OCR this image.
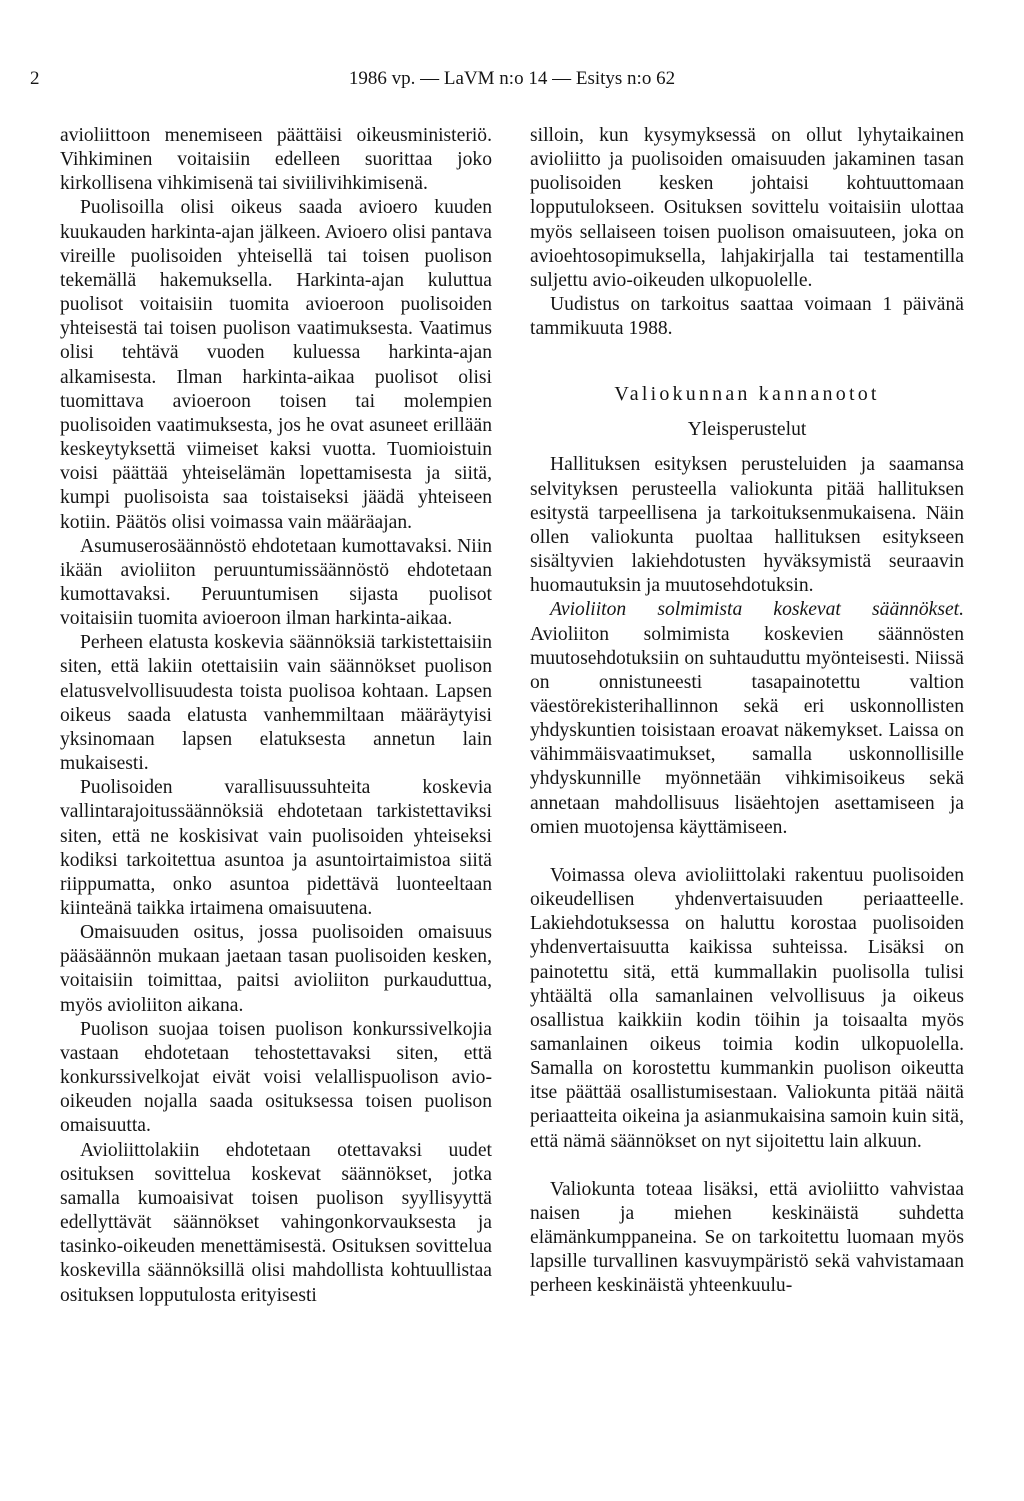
2	1986 vp. — LaVM n:o 14 — Esitys n:o 62

avioliittoon menemiseen päättäisi oikeusministeriö. Vihkiminen voitaisiin edelleen suorittaa joko kirkollisena vihkimisenä tai siviilivihkimisenä.

Puolisoilla olisi oikeus saada avioero kuuden kuukauden harkinta-ajan jälkeen. Avioero olisi pantava vireille puolisoiden yhteisellä tai toisen puolison tekemällä hakemuksella. Harkinta-ajan kuluttua puolisot voitaisiin tuomita avioeroon puolisoiden yhteisestä tai toisen puolison vaatimuksesta. Vaatimus olisi tehtävä vuoden kuluessa harkinta-ajan alkamisesta. Ilman harkinta-aikaa puolisot olisi tuomittava avioeroon toisen tai molempien puolisoiden vaatimuksesta, jos he ovat asuneet erillään keskeytyksettä viimeiset kaksi vuotta. Tuomioistuin voisi päättää yhteiselämän lopettamisesta ja siitä, kumpi puolisoista saa toistaiseksi jäädä yhteiseen kotiin. Päätös olisi voimassa vain määräajan.

Asumuserosäännöstö ehdotetaan kumottavaksi. Niin ikään avioliiton peruuntumissäännöstö ehdotetaan kumottavaksi. Peruuntumisen sijasta puolisot voitaisiin tuomita avioeroon ilman harkinta-aikaa.

Perheen elatusta koskevia säännöksiä tarkistettaisiin siten, että lakiin otettaisiin vain säännökset puolison elatusvelvollisuudesta toista puolisoa kohtaan. Lapsen oikeus saada elatusta vanhemmiltaan määräytyisi yksinomaan lapsen elatuksesta annetun lain mukaisesti.

Puolisoiden varallisuussuhteita koskevia vallintarajoitussäännöksiä ehdotetaan tarkistettaviksi siten, että ne koskisivat vain puolisoiden yhteiseksi kodiksi tarkoitettua asuntoa ja asuntoirtaimistoa siitä riippumatta, onko asuntoa pidettävä luonteeltaan kiinteänä taikka irtaimena omaisuutena.

Omaisuuden ositus, jossa puolisoiden omaisuus pääsäännön mukaan jaetaan tasan puolisoiden kesken, voitaisiin toimittaa, paitsi avioliiton purkauduttua, myös avioliiton aikana.

Puolison suojaa toisen puolison konkurssivelkojia vastaan ehdotetaan tehostettavaksi siten, että konkurssivelkojat eivät voisi velallispuolison avio-oikeuden nojalla saada osituksessa toisen puolison omaisuutta.

Avioliittolakiin ehdotetaan otettavaksi uudet osituksen sovittelua koskevat säännökset, jotka samalla kumoaisivat toisen puolison syyllisyyttä edellyttävät säännökset vahingonkorvauksesta ja tasinko-oikeuden menettämisestä. Osituksen sovittelua koskevilla säännöksillä olisi mahdollista kohtuullistaa osituksen lopputulosta erityisesti

silloin, kun kysymyksessä on ollut lyhytaikainen avioliitto ja puolisoiden omaisuuden jakaminen tasan puolisoiden kesken johtaisi kohtuuttomaan lopputulokseen. Osituksen sovittelu voitaisiin ulottaa myös sellaiseen toisen puolison omaisuuteen, joka on avioehtosopimuksella, lahjakirjalla tai testamentilla suljettu avio-oikeuden ulkopuolelle.

Uudistus on tarkoitus saattaa voimaan 1 päivänä tammikuuta 1988.

Valiokunnan kannanotot
Yleisperustelut

Hallituksen esityksen perusteluiden ja saamansa selvityksen perusteella valiokunta pitää hallituksen esitystä tarpeellisena ja tarkoituksenmukaisena. Näin ollen valiokunta puoltaa hallituksen esitykseen sisältyvien lakiehdotusten hyväksymistä seuraavin huomautuksin ja muutosehdotuksin.

Avioliiton solmimista koskevat säännökset. Avioliiton solmimista koskevien säännösten muutosehdotuksiin on suhtauduttu myönteisesti. Niissä on onnistuneesti tasapainotettu valtion väestörekisterihallinnon sekä eri uskonnollisten yhdyskuntien toisistaan eroavat näkemykset. Laissa on vähimmäisvaatimukset, samalla uskonnollisille yhdyskunnille myönnetään vihkimisoikeus sekä annetaan mahdollisuus lisäehtojen asettamiseen ja omien muotojensa käyttämiseen.

Voimassa oleva avioliittolaki rakentuu puolisoiden oikeudellisen yhdenvertaisuuden periaatteelle. Lakiehdotuksessa on haluttu korostaa puolisoiden yhdenvertaisuutta kaikissa suhteissa. Lisäksi on painotettu sitä, että kummallakin puolisolla tulisi yhtäältä olla samanlainen velvollisuus ja oikeus osallistua kaikkiin kodin töihin ja toisaalta myös samanlainen oikeus toimia kodin ulkopuolella. Samalla on korostettu kummankin puolison oikeutta itse päättää osallistumisestaan. Valiokunta pitää näitä periaatteita oikeina ja asianmukaisina samoin kuin sitä, että nämä säännökset on nyt sijoitettu lain alkuun.

Valiokunta toteaa lisäksi, että avioliitto vahvistaa naisen ja miehen keskinäistä suhdetta elämänkumppaneina. Se on tarkoitettu luomaan myös lapsille turvallinen kasvuympäristö sekä vahvistamaan perheen keskinäistä yhteenkuulu-
